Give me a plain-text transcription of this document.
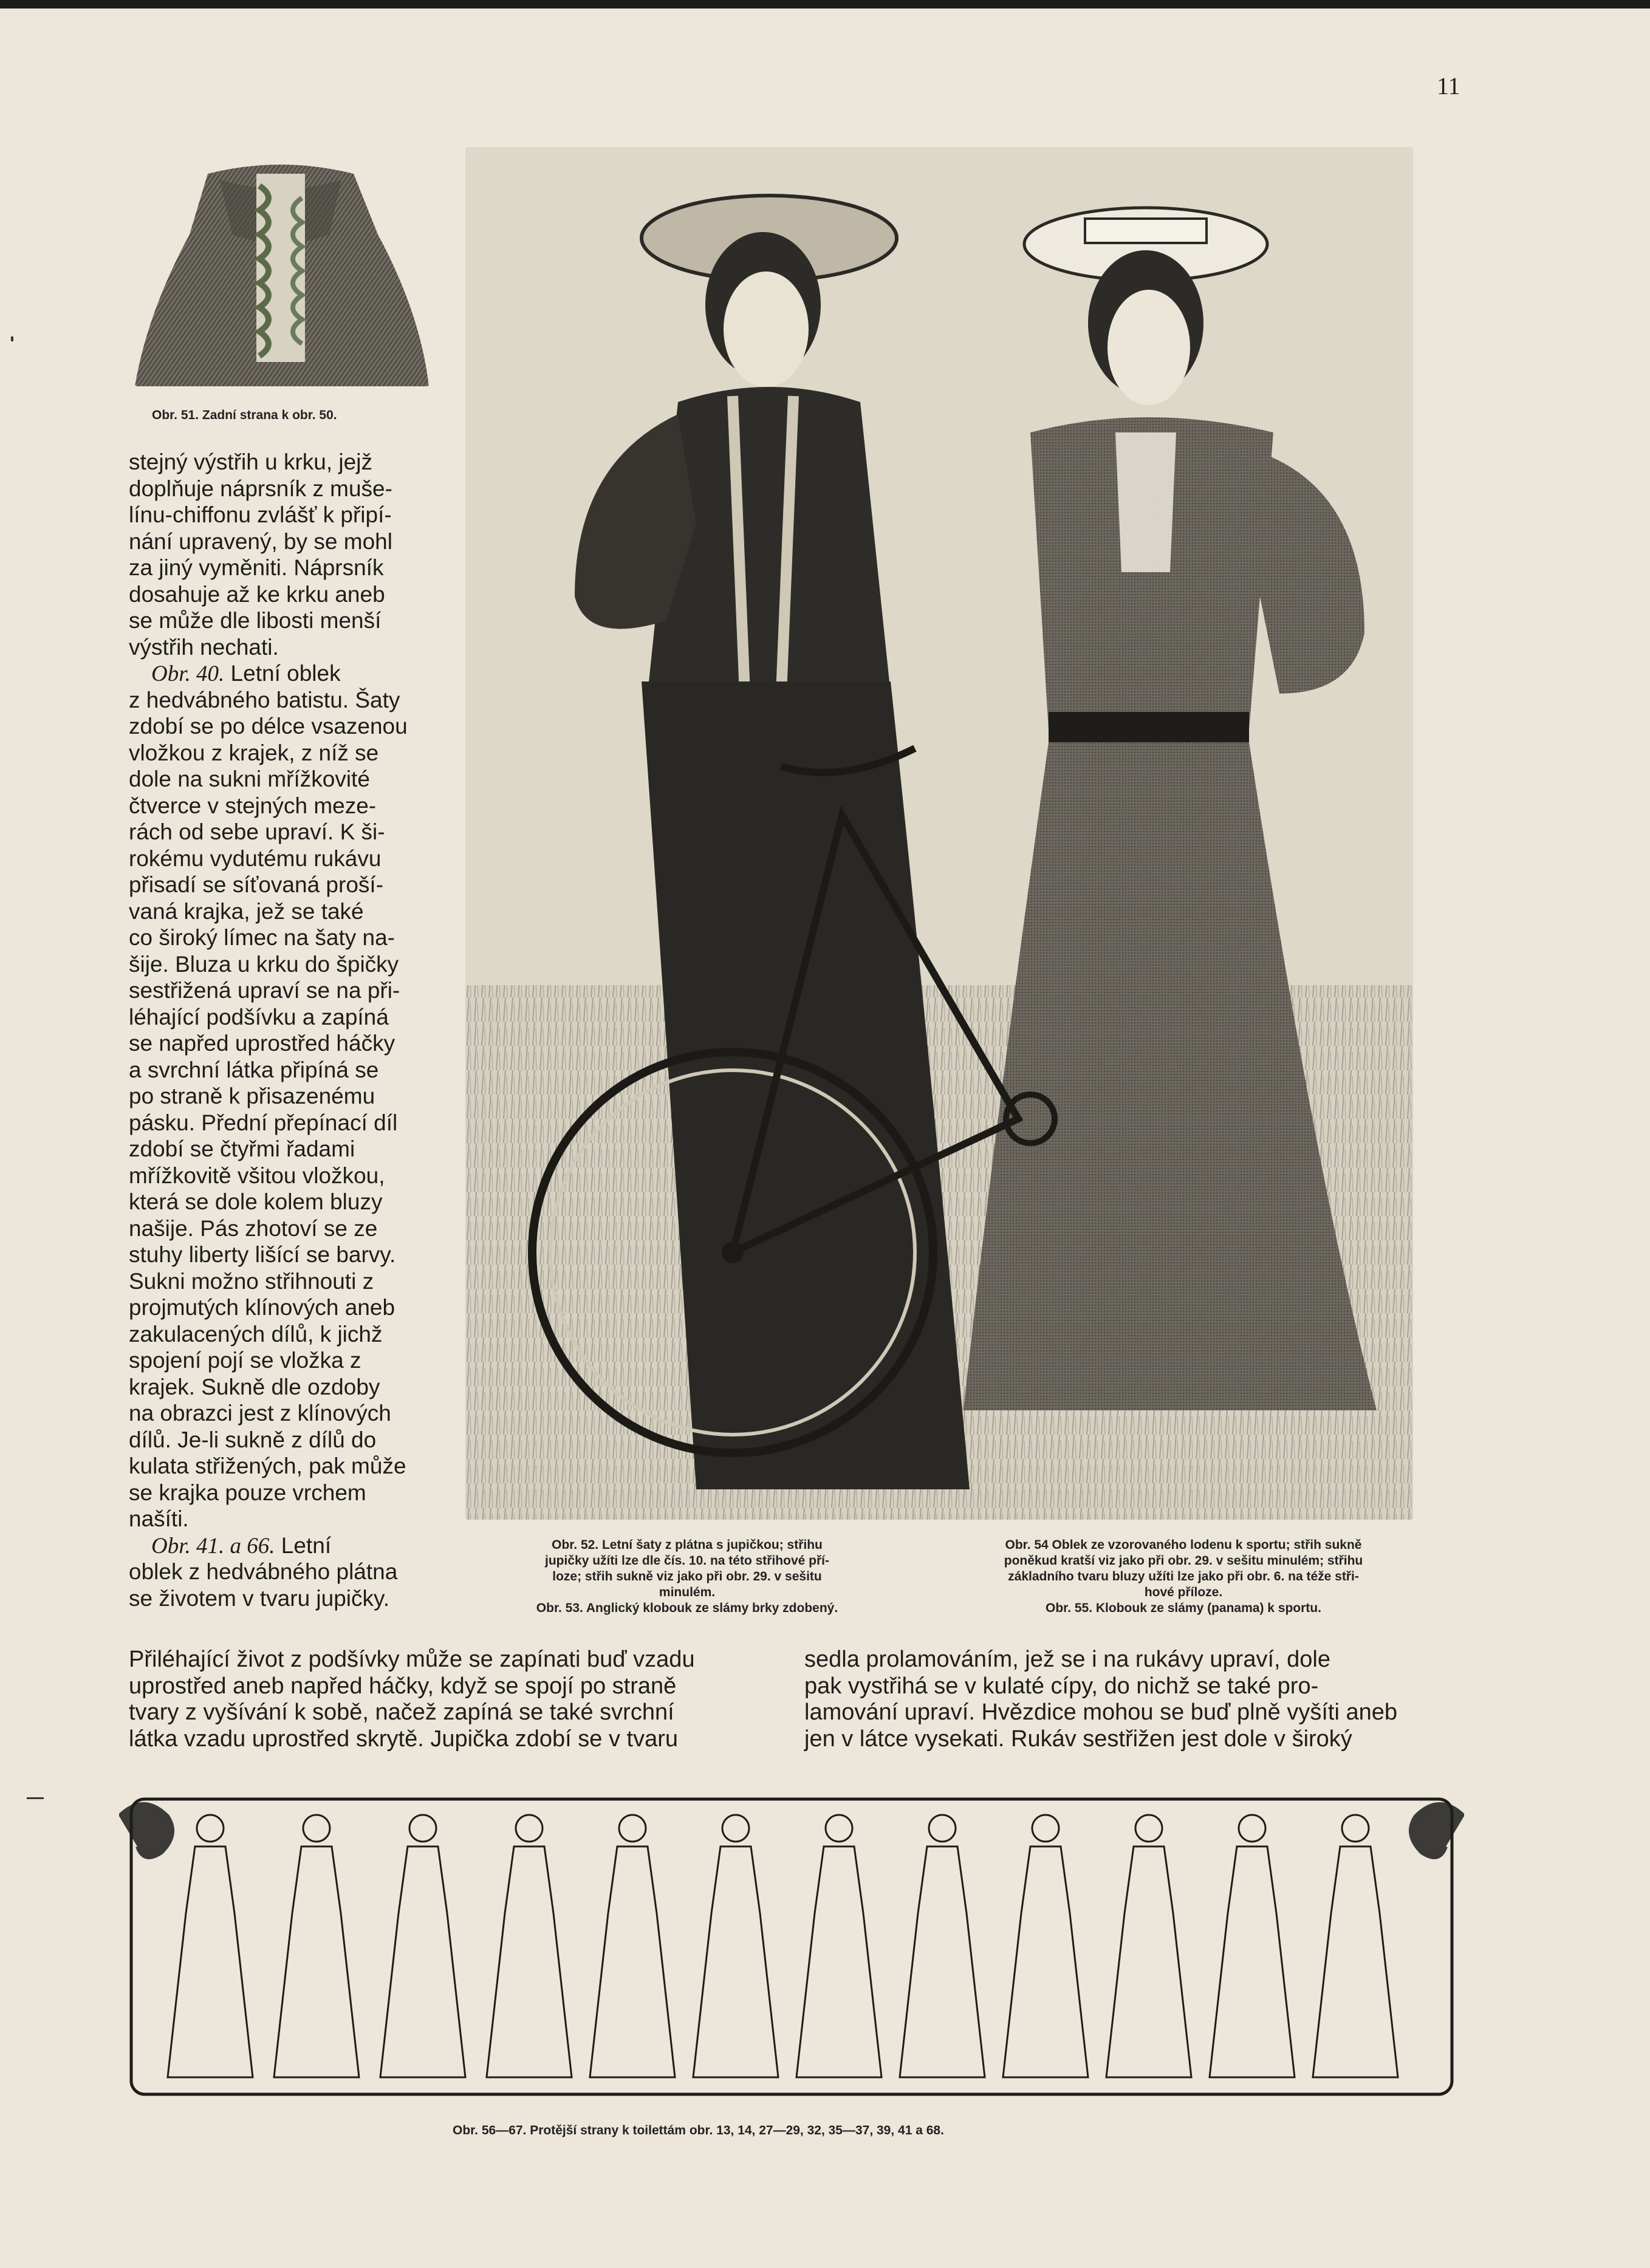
11
Obr. 51. Zadní strana k obr. 50.
stejný výstřih u krku, jejž
doplňuje náprsník z muše-
línu-chiffonu zvlášť k připí-
nání upravený, by se mohl
za jiný vyměniti. Náprsník
dosahuje až ke krku aneb
se může dle libosti menší
výstřih nechati.
Obr. 40. Letní oblek
z hedvábného batistu. Šaty
zdobí se po délce vsazenou
vložkou z krajek, z níž se
dole na sukni mřížkovité
čtverce v stejných meze-
rách od sebe upraví. K ši-
rokému vydutému rukávu
přisadí se síťovaná proší-
vaná krajka, jež se také
co široký límec na šaty na-
šije. Bluza u krku do špičky
sestřižená upraví se na při-
léhající podšívku a zapíná
se napřed uprostřed háčky
a svrchní látka připíná se
po straně k přisazenému
pásku. Přední přepínací díl
zdobí se čtyřmi řadami
mřížkovitě všitou vložkou,
která se dole kolem bluzy
našije. Pás zhotoví se ze
stuhy liberty lišící se barvy.
Sukni možno střihnouti z
projmutých klínových aneb
zakulacených dílů, k jichž
spojení pojí se vložka z
krajek. Sukně dle ozdoby
na obrazci jest z klínových
dílů. Je-li sukně z dílů do
kulata střižených, pak může
se krajka pouze vrchem
našíti.
Obr. 41. a 66. Letní
oblek z hedvábného plátna
se životem v tvaru jupičky.
Obr. 52. Letní šaty z plátna s jupičkou; střihu
jupičky užíti lze dle čís. 10. na této střihové pří-
loze; střih sukně viz jako při obr. 29. v sešitu
minulém.
Obr. 53. Anglický klobouk ze slámy brky zdobený.
Obr. 54 Oblek ze vzorovaného lodenu k sportu; střih sukně
poněkud kratší viz jako při obr. 29. v sešitu minulém; střihu
základního tvaru bluzy užíti lze jako při obr. 6. na téže stři-
hové příloze.
Obr. 55. Klobouk ze slámy (panama) k sportu.
Přiléhající život z podšívky může se zapínati buď vzadu
uprostřed aneb napřed háčky, když se spojí po straně
tvary z vyšívání k sobě, načež zapíná se také svrchní
látka vzadu uprostřed skrytě. Jupička zdobí se v tvaru
sedla prolamováním, jež se i na rukávy upraví, dole
pak vystřihá se v kulaté cípy, do nichž se také pro-
lamování upraví. Hvězdice mohou se buď plně vyšíti aneb
jen v látce vysekati. Rukáv sestřižen jest dole v široký
Obr. 56—67. Protější strany k toilettám obr. 13, 14, 27—29, 32, 35—37, 39, 41 a 68.
